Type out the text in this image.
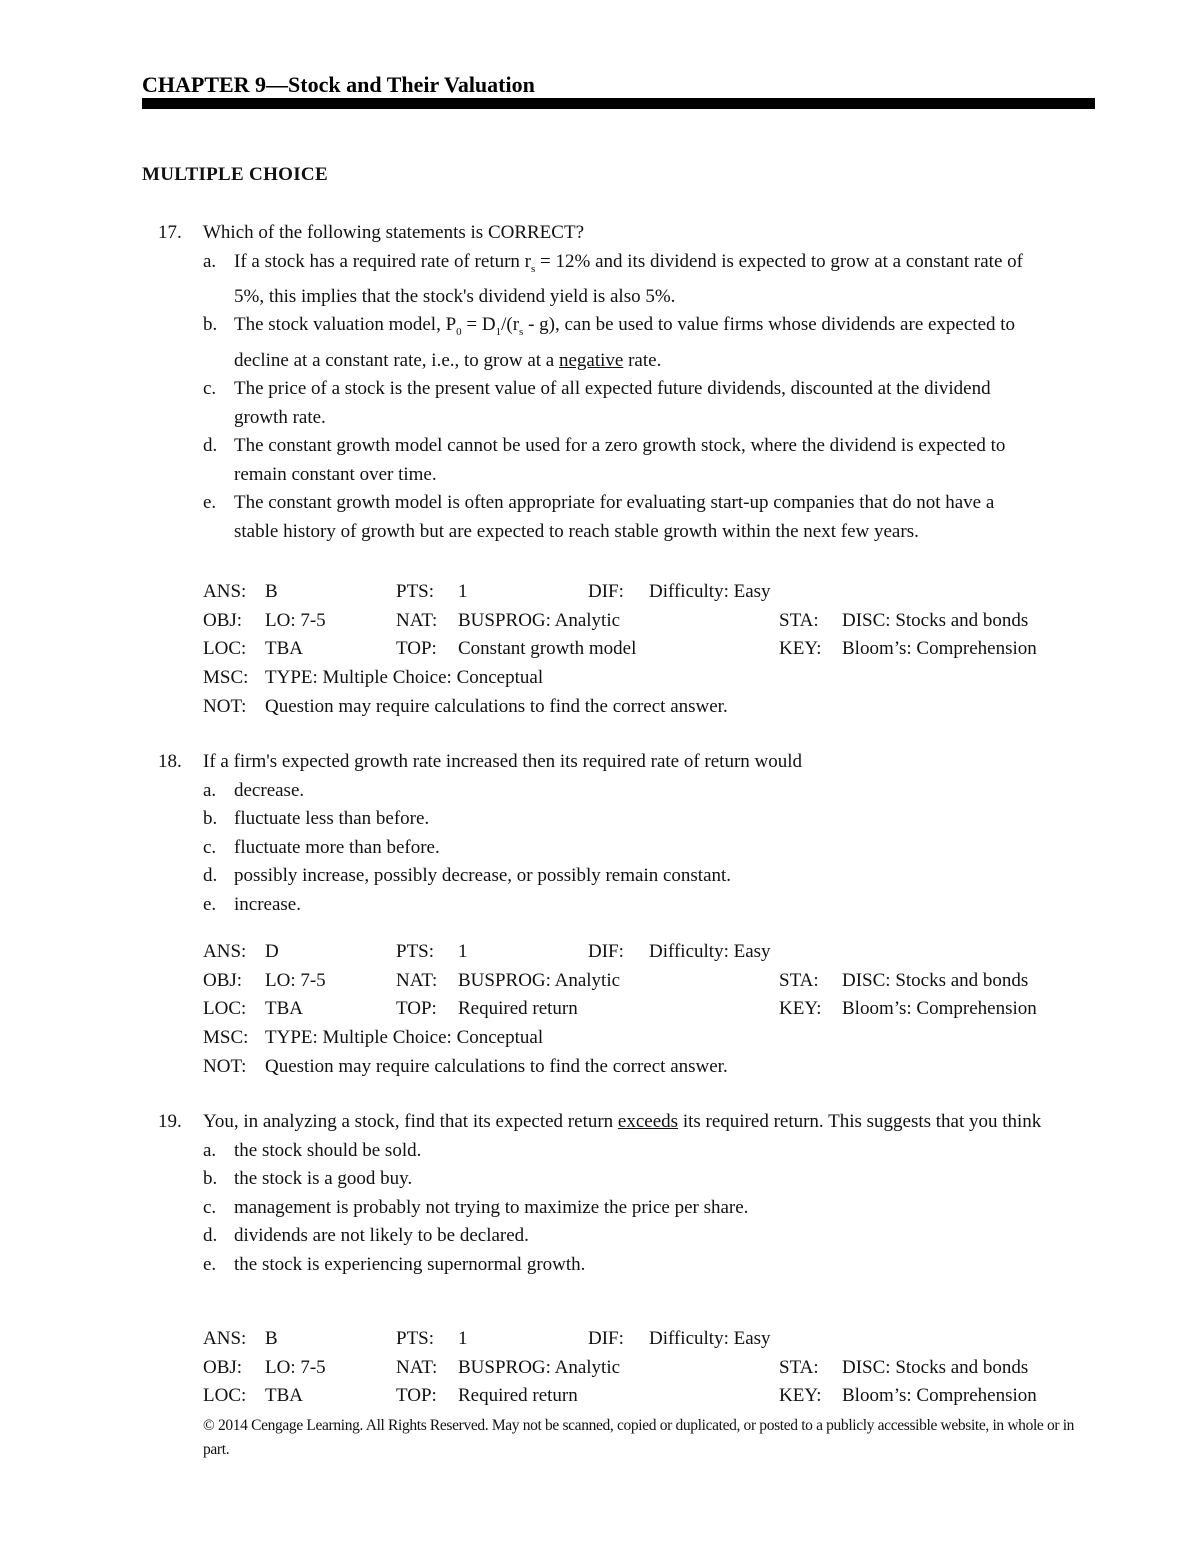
CHAPTER 9—Stock and Their Valuation
MULTIPLE CHOICE
17. Which of the following statements is CORRECT?
a. If a stock has a required rate of return $r_s = 12\%$ and its dividend is expected to grow at a constant rate of 5%, this implies that the stock's dividend yield is also 5%.
b. The stock valuation model, $P_0 = D_1/(r_s - g)$, can be used to value firms whose dividends are expected to decline at a constant rate, i.e., to grow at a negative rate.
c. The price of a stock is the present value of all expected future dividends, discounted at the dividend growth rate.
d. The constant growth model cannot be used for a zero growth stock, where the dividend is expected to remain constant over time.
e. The constant growth model is often appropriate for evaluating start-up companies that do not have a stable history of growth but are expected to reach stable growth within the next few years.
ANS: B	PTS: 1	DIF: Difficulty: Easy
OBJ: LO: 7-5	NAT: BUSPROG: Analytic	STA: DISC: Stocks and bonds
LOC: TBA	TOP: Constant growth model	KEY: Bloom’s: Comprehension
MSC: TYPE: Multiple Choice: Conceptual
NOT: Question may require calculations to find the correct answer.
18. If a firm's expected growth rate increased then its required rate of return would
a. decrease.
b. fluctuate less than before.
c. fluctuate more than before.
d. possibly increase, possibly decrease, or possibly remain constant.
e. increase.
ANS: D	PTS: 1	DIF: Difficulty: Easy
OBJ: LO: 7-5	NAT: BUSPROG: Analytic	STA: DISC: Stocks and bonds
LOC: TBA	TOP: Required return	KEY: Bloom’s: Comprehension
MSC: TYPE: Multiple Choice: Conceptual
NOT: Question may require calculations to find the correct answer.
19. You, in analyzing a stock, find that its expected return exceeds its required return. This suggests that you think
a. the stock should be sold.
b. the stock is a good buy.
c. management is probably not trying to maximize the price per share.
d. dividends are not likely to be declared.
e. the stock is experiencing supernormal growth.
ANS: B	PTS: 1	DIF: Difficulty: Easy
OBJ: LO: 7-5	NAT: BUSPROG: Analytic	STA: DISC: Stocks and bonds
LOC: TBA	TOP: Required return	KEY: Bloom’s: Comprehension
© 2014 Cengage Learning. All Rights Reserved. May not be scanned, copied or duplicated, or posted to a publicly accessible website, in whole or in part.
